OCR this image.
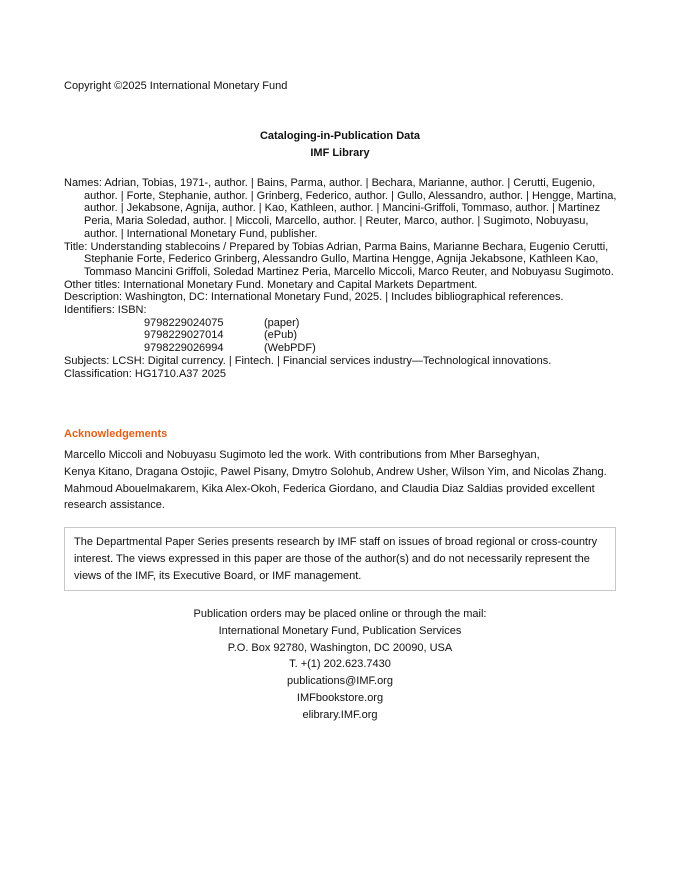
Copyright ©2025 International Monetary Fund
Cataloging-in-Publication Data
IMF Library
Names: Adrian, Tobias, 1971-, author. | Bains, Parma, author. | Bechara, Marianne, author. | Cerutti, Eugenio, author. | Forte, Stephanie, author. | Grinberg, Federico, author. | Gullo, Alessandro, author. | Hengge, Martina, author. | Jekabsone, Agnija, author. | Kao, Kathleen, author. | Mancini-Griffoli, Tommaso, author. | Martinez Peria, Maria Soledad, author. | Miccoli, Marcello, author. | Reuter, Marco, author. | Sugimoto, Nobuyasu, author. | International Monetary Fund, publisher.
Title: Understanding stablecoins / Prepared by Tobias Adrian, Parma Bains, Marianne Bechara, Eugenio Cerutti, Stephanie Forte, Federico Grinberg, Alessandro Gullo, Martina Hengge, Agnija Jekabsone, Kathleen Kao, Tommaso Mancini Griffoli, Soledad Martinez Peria, Marcello Miccoli, Marco Reuter, and Nobuyasu Sugimoto.
Other titles: International Monetary Fund. Monetary and Capital Markets Department.
Description: Washington, DC: International Monetary Fund, 2025. | Includes bibliographical references.
Identifiers: ISBN:
9798229024075	(paper)
9798229027014	(ePub)
9798229026994	(WebPDF)
Subjects: LCSH: Digital currency. | Fintech. | Financial services industry—Technological innovations.
Classification: HG1710.A37 2025
Acknowledgements
Marcello Miccoli and Nobuyasu Sugimoto led the work. With contributions from Mher Barseghyan,
Kenya Kitano, Dragana Ostojic, Pawel Pisany, Dmytro Solohub, Andrew Usher, Wilson Yim, and Nicolas Zhang.
Mahmoud Abouelmakarem, Kika Alex-Okoh, Federica Giordano, and Claudia Diaz Saldias provided excellent research assistance.
The Departmental Paper Series presents research by IMF staff on issues of broad regional or cross-country interest. The views expressed in this paper are those of the author(s) and do not necessarily represent the views of the IMF, its Executive Board, or IMF management.
Publication orders may be placed online or through the mail:
International Monetary Fund, Publication Services
P.O. Box 92780, Washington, DC 20090, USA
T. +(1) 202.623.7430
publications@IMF.org
IMFbookstore.org
elibrary.IMF.org
